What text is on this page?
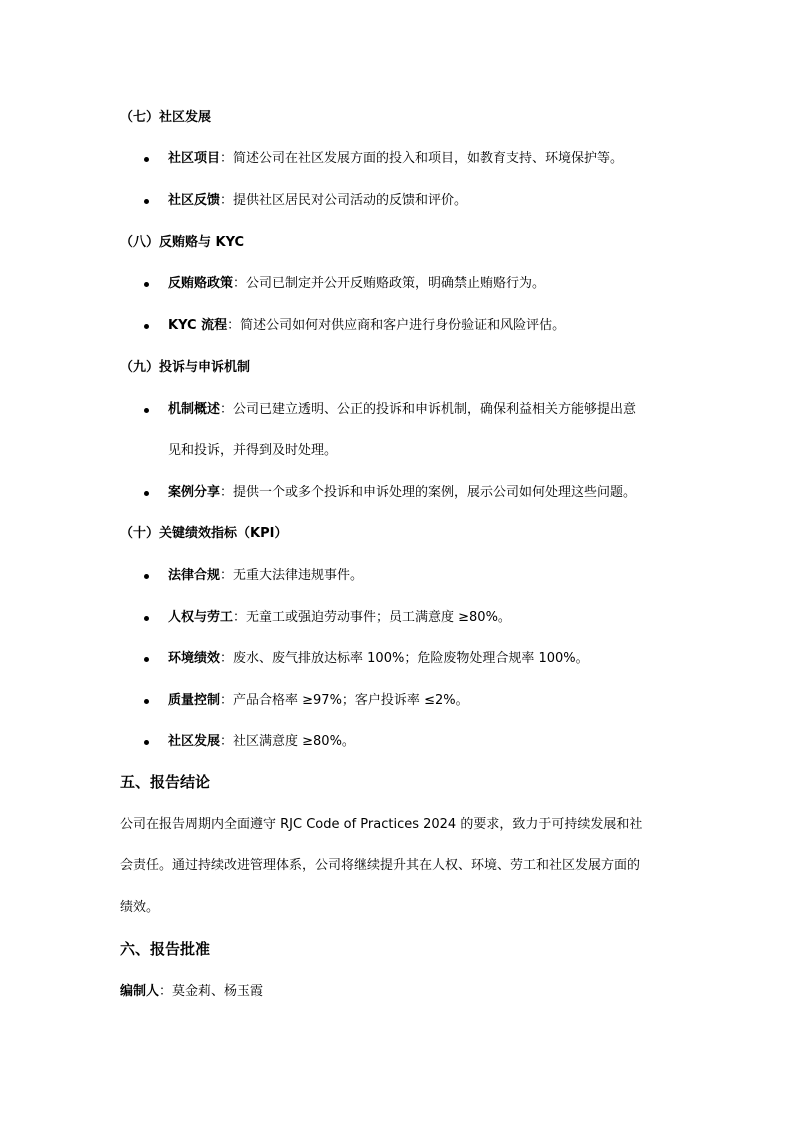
（七）社区发展
社区项目：简述公司在社区发展方面的投入和项目，如教育支持、环境保护等。
社区反馈：提供社区居民对公司活动的反馈和评价。
（八）反贿赂与 KYC
反贿赂政策：公司已制定并公开反贿赂政策，明确禁止贿赂行为。
KYC 流程：简述公司如何对供应商和客户进行身份验证和风险评估。
（九）投诉与申诉机制
机制概述：公司已建立透明、公正的投诉和申诉机制，确保利益相关方能够提出意
见和投诉，并得到及时处理。
案例分享：提供一个或多个投诉和申诉处理的案例，展示公司如何处理这些问题。
（十）关键绩效指标（KPI）
法律合规：无重大法律违规事件。
人权与劳工：无童工或强迫劳动事件；员工满意度 ≥80%。
环境绩效：废水、废气排放达标率 100%；危险废物处理合规率 100%。
质量控制：产品合格率 ≥97%；客户投诉率 ≤2%。
社区发展：社区满意度 ≥80%。
五、报告结论
公司在报告周期内全面遵守 RJC Code of Practices 2024 的要求，致力于可持续发展和社
会责任。通过持续改进管理体系，公司将继续提升其在人权、环境、劳工和社区发展方面的
绩效。
六、报告批准
编制人：莫金莉、杨玉霞
